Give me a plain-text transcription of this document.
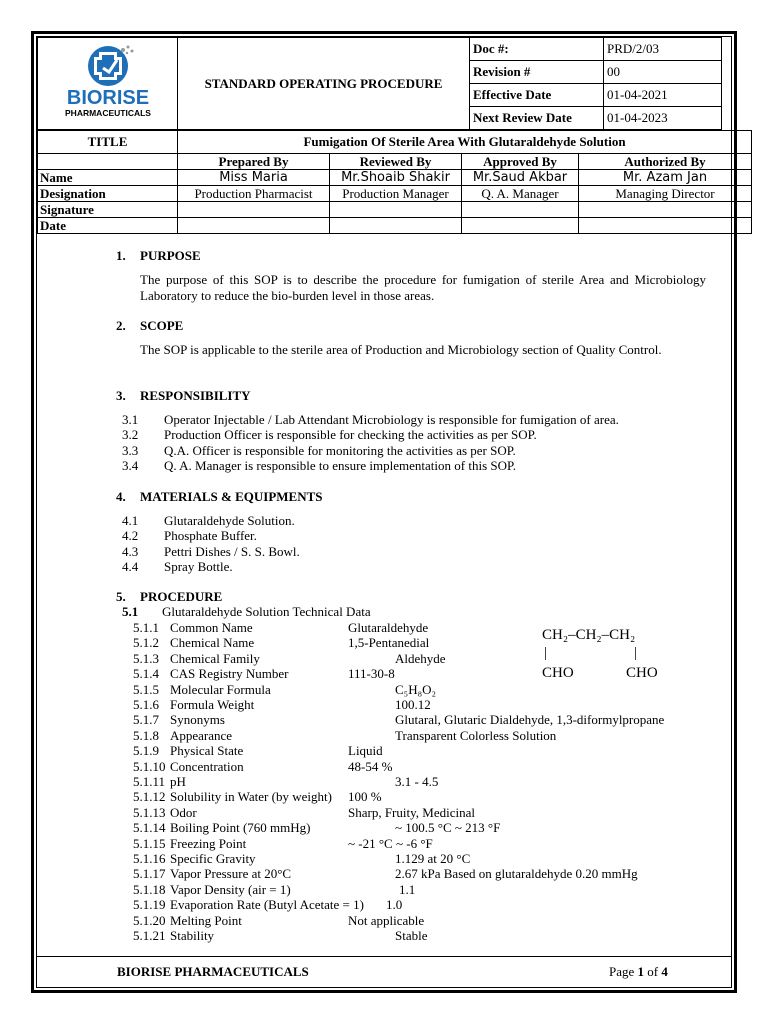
BIORISE
PHARMACEUTICALS	STANDARD OPERATING PROCEDURE	Doc #:	PRD/2/03
		Revision #	00
		Effective Date	01-04-2021
		Next Review Date	01-04-2023
TITLE	Fumigation Of Sterile Area With Glutaraldehyde Solution			
	Prepared By	Reviewed By	Approved By	Authorized By
Name	Miss Maria	Mr.Shoaib Shakir	Mr.Saud Akbar	Mr. Azam Jan
Designation	Production Pharmacist	Production Manager	Q. A. Manager	Managing Director
Signature				
Date				
1. PURPOSE
The purpose of this SOP is to describe the procedure for fumigation of sterile Area and Microbiology Laboratory to reduce the bio-burden level in those areas.
2. SCOPE
The SOP is applicable to the sterile area of Production and Microbiology section of Quality Control.
3. RESPONSIBILITY
3.1 Operator Injectable / Lab Attendant Microbiology is responsible for fumigation of area.
3.2 Production Officer is responsible for checking the activities as per SOP.
3.3 Q.A. Officer is responsible for monitoring the activities as per SOP.
3.4 Q. A. Manager is responsible to ensure implementation of this SOP.
4. MATERIALS & EQUIPMENTS
4.1 Glutaraldehyde Solution.
4.2 Phosphate Buffer.
4.3 Pettri Dishes / S. S. Bowl.
4.4 Spray Bottle.
5. PROCEDURE
5.1 Glutaraldehyde Solution Technical Data
5.1.1 Common Name	Glutaraldehyde
5.1.2 Chemical Name	1,5-Pentanedial
5.1.3 Chemical Family	Aldehyde
5.1.4 CAS Registry Number	111-30-8
5.1.5 Molecular Formula	C₅H₈O₂
5.1.6 Formula Weight	100.12
5.1.7 Synonyms	Glutaral, Glutaric Dialdehyde, 1,3-diformylpropane
5.1.8 Appearance	Transparent Colorless Solution
5.1.9 Physical State	Liquid
5.1.10 Concentration	48-54 %
5.1.11 pH	3.1 - 4.5
5.1.12 Solubility in Water (by weight) 100 %
5.1.13 Odor	Sharp, Fruity, Medicinal
5.1.14 Boiling Point (760 mmHg)	~ 100.5 °C ~ 213 °F
5.1.15 Freezing Point	~ -21 °C ~ -6 °F
5.1.16 Specific Gravity	1.129 at 20 °C
5.1.17 Vapor Pressure at 20°C	2.67 kPa Based on glutaraldehyde 0.20 mmHg
5.1.18 Vapor Density (air = 1)	1.1
5.1.19 Evaporation Rate (Butyl Acetate = 1) 1.0
5.1.20 Melting Point	Not applicable
5.1.21 Stability	Stable
CH₂–CH₂–CH₂
|	|
CHO	CHO
BIORISE PHARMACEUTICALS	Page 1 of 4
